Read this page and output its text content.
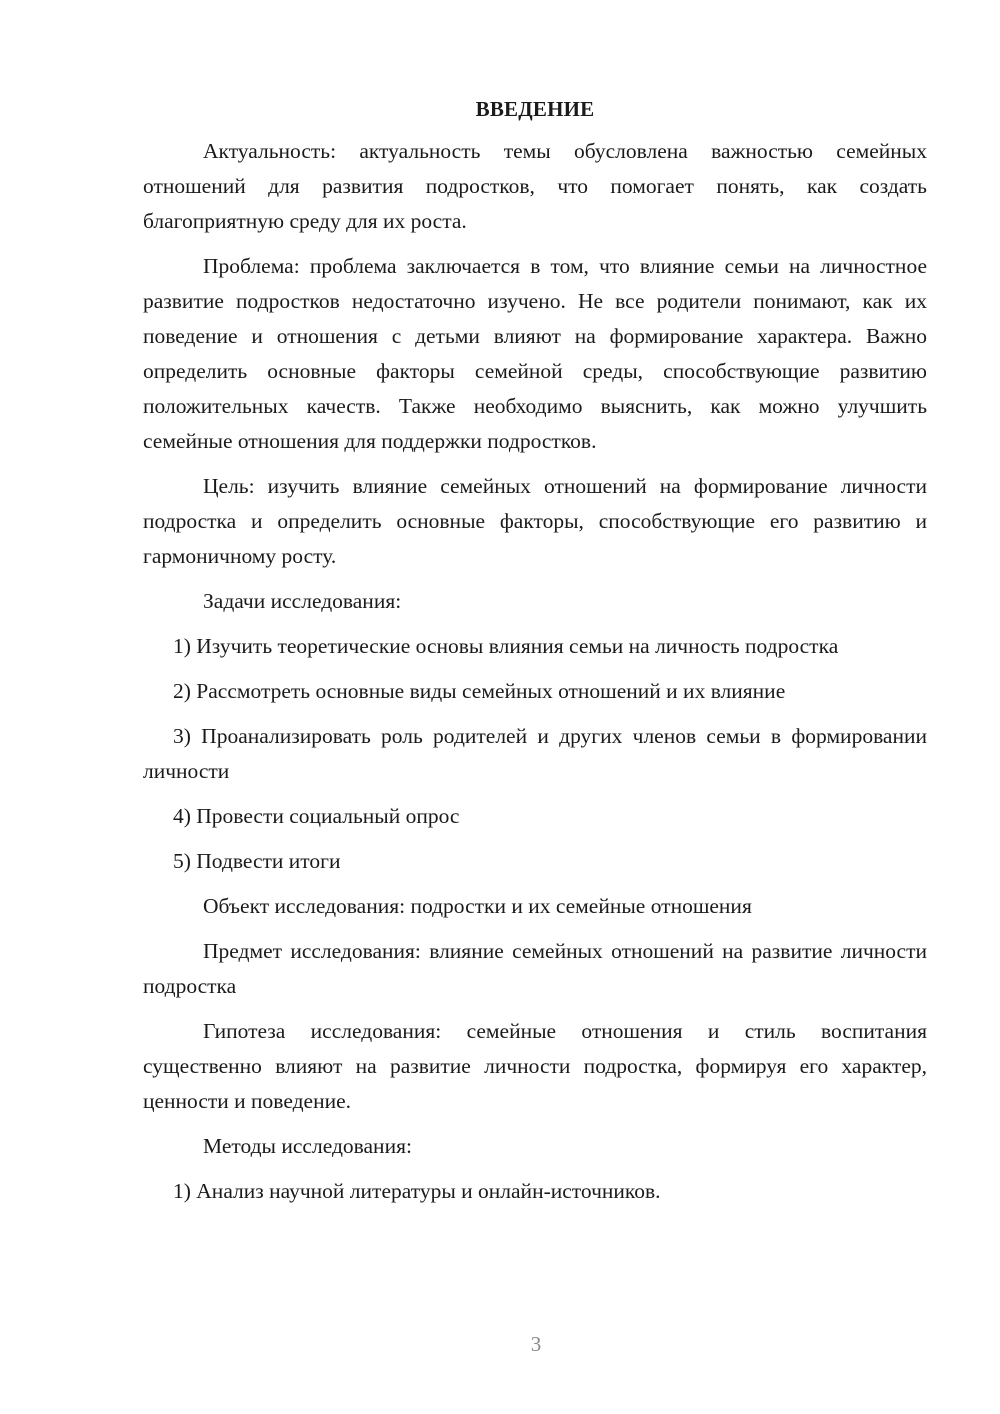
ВВЕДЕНИЕ

Актуальность: актуальность темы обусловлена важностью семейных отношений для развития подростков, что помогает понять, как создать благоприятную среду для их роста.

Проблема: проблема заключается в том, что влияние семьи на личностное развитие подростков недостаточно изучено. Не все родители понимают, как их поведение и отношения с детьми влияют на формирование характера. Важно определить основные факторы семейной среды, способствующие развитию положительных качеств. Также необходимо выяснить, как можно улучшить семейные отношения для поддержки подростков.

Цель: изучить влияние семейных отношений на формирование личности подростка и определить основные факторы, способствующие его развитию и гармоничному росту.

Задачи исследования:

1) Изучить теоретические основы влияния семьи на личность подростка

2) Рассмотреть основные виды семейных отношений и их влияние

3) Проанализировать роль родителей и других членов семьи в формировании личности

4) Провести социальный опрос

5) Подвести итоги

Объект исследования: подростки и их семейные отношения

Предмет исследования: влияние семейных отношений на развитие личности подростка

Гипотеза исследования: семейные отношения и стиль воспитания существенно влияют на развитие личности подростка, формируя его характер, ценности и поведение.

Методы исследования:

1) Анализ научной литературы и онлайн-источников.

3
